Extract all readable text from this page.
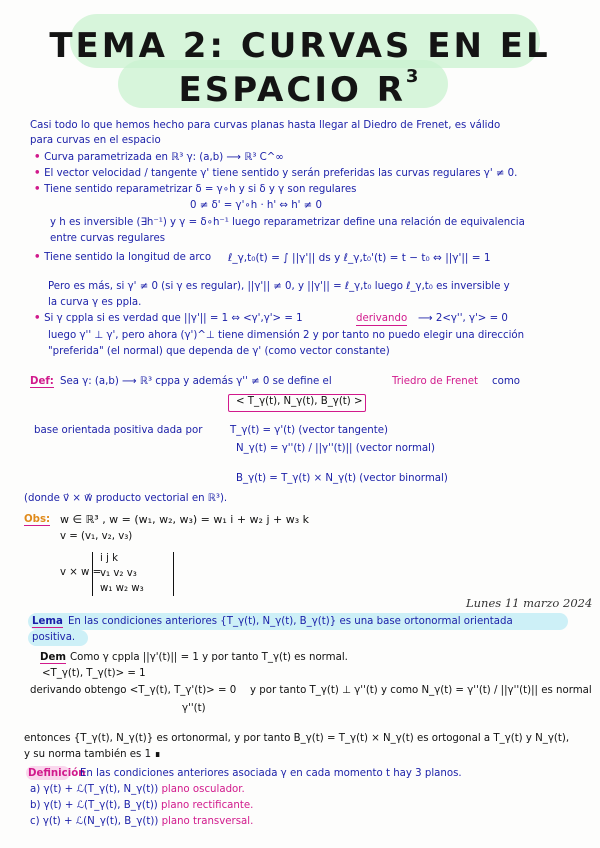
TEMA 2: CURVAS EN EL
ESPACIO $R^3$
Casi todo lo que hemos hecho para curvas planas hasta llegar al Diedro de Frenet, es válido
para curvas en el espacio
• Curva parametrizada en ℝ³ γ: (a,b) ⟶ ℝ³ C^∞
• El vector velocidad / tangente γ' tiene sentido y serán preferidas las curvas regulares γ' ≠ 0.
• Tiene sentido reparametrizar δ = γ∘h y si δ y γ son regulares
0 ≠ δ' = γ'∘h · h' ⇔ h' ≠ 0
y h es inversible (∃h⁻¹) y γ = δ∘h⁻¹ luego reparametrizar define una relación de equivalencia
entre curvas regulares
• Tiene sentido la longitud de arco ℓ_γ,t₀(t) = ∫ ||γ'|| ds y ℓ_γ,t₀'(t) = t − t₀ ⇔ ||γ'|| = 1
Pero es más, si γ' ≠ 0 (si γ es regular), ||γ'|| ≠ 0, y ||γ'|| = ℓ_γ,t₀ luego ℓ_γ,t₀ es inversible y
la curva γ es ppla.
• Si γ cppla si es verdad que ||γ'|| = 1 ⇔ <γ',γ'> = 1	derivando ⟶ 2<γ'', γ'> = 0
luego γ'' ⊥ γ', pero ahora (γ')^⊥ tiene dimensión 2 y por tanto no puedo elegir una dirección
"preferida" (el normal) que dependa de γ' (como vector constante)
Def: Sea γ: (a,b) ⟶ ℝ³ cppa y además γ'' ≠ 0 se define el	Triedro de Frenet como
< T_γ(t), N_γ(t), B_γ(t) >
base orientada positiva dada por	T_γ(t) = γ'(t) (vector tangente)
N_γ(t) = γ''(t) / ||γ''(t)|| (vector normal)
B_γ(t) = T_γ(t) × N_γ(t) (vector binormal)
(donde v⃗ × w⃗ producto vectorial en ℝ³).
Obs: w ∈ ℝ³ , w = (w₁, w₂, w₃) = w₁ i + w₂ j + w₃ k
v = (v₁, v₂, v₃)
v × w =
i j k
v₁ v₂ v₃
w₁ w₂ w₃
Lunes 11 marzo 2024
Lema En las condiciones anteriores {T_γ(t), N_γ(t), B_γ(t)} es una base ortonormal orientada
positiva.
Dem Como γ cppla ||γ'(t)|| = 1 y por tanto T_γ(t) es normal.
<T_γ(t), T_γ(t)> = 1
derivando obtengo <T_γ(t), T_γ'(t)> = 0 y por tanto T_γ(t) ⊥ γ''(t) y como N_γ(t) = γ''(t) / ||γ''(t)|| es normal
γ''(t)
entonces {T_γ(t), N_γ(t)} es ortonormal, y por tanto B_γ(t) = T_γ(t) × N_γ(t) es ortogonal a T_γ(t) y N_γ(t),
y su norma también es 1 ∎
Definición
En las condiciones anteriores asociada γ en cada momento t hay 3 planos.
a) γ(t) + ℒ(T_γ(t), N_γ(t)) plano osculador.
b) γ(t) + ℒ(T_γ(t), B_γ(t)) plano rectificante.
c) γ(t) + ℒ(N_γ(t), B_γ(t)) plano transversal.
